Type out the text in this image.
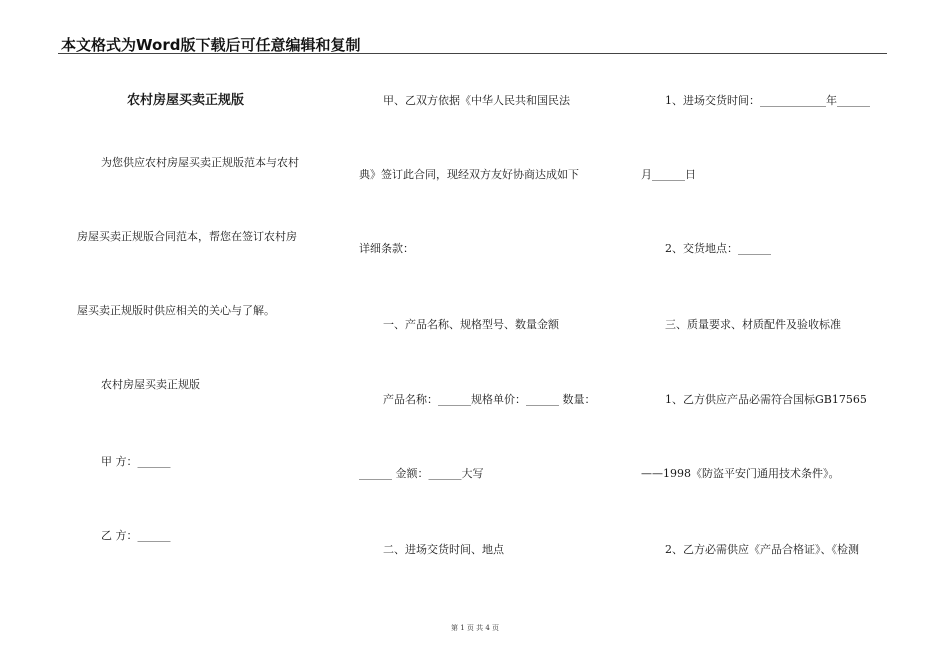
本文格式为Word版下载后可任意编辑和复制
农村房屋买卖正规版
为您供应农村房屋买卖正规版范本与农村
房屋买卖正规版合同范本，帮您在签订农村房
屋买卖正规版时供应相关的关心与了解。
农村房屋买卖正规版
甲 方：______
乙 方：______
甲、乙双方依据《中华人民共和国民法
典》签订此合同，现经双方友好协商达成如下
详细条款：
一、产品名称、规格型号、数量金额
产品名称：______规格单价：______ 数量：
______ 金额：______大写
二、进场交货时间、地点
1、进场交货时间：____________年______
月______日
2、交货地点：______
三、质量要求、材质配件及验收标准
1、乙方供应产品必需符合国标GB17565
——1998《防盗平安门通用技术条件》。
2、乙方必需供应《产品合格证》、《检测
第 1 页 共 4 页
